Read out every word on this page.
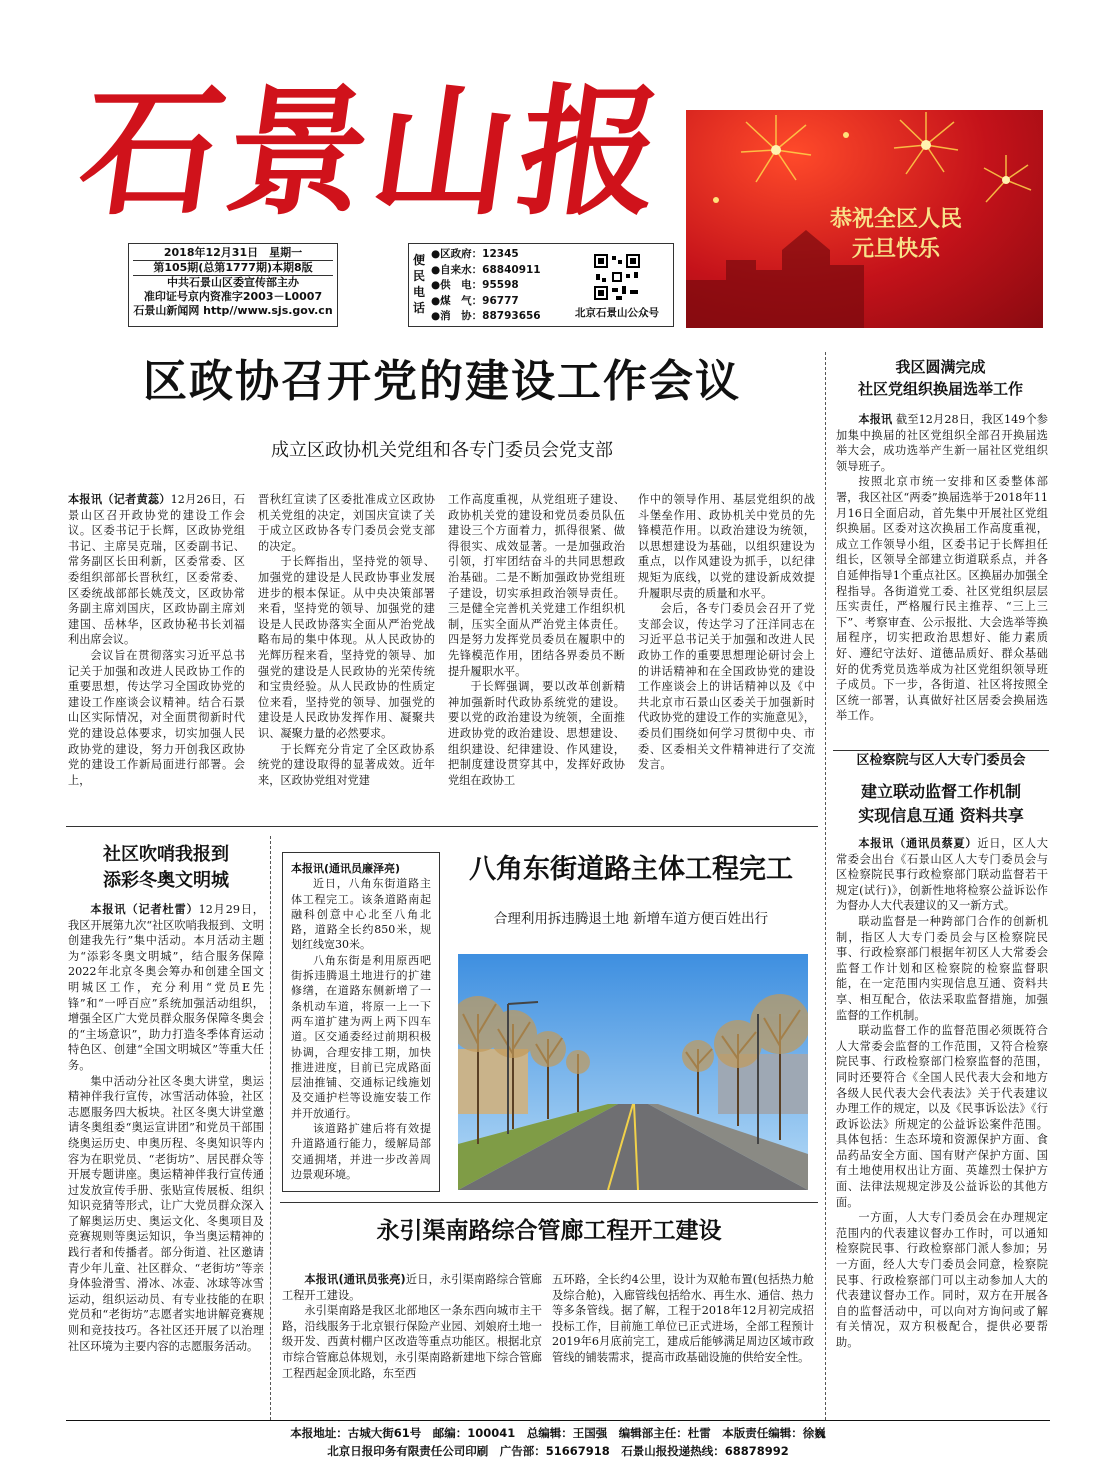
石景山报
2018年12月31日　星期一
第105期(总第1777期)本期8版
中共石景山区委宣传部主办
准印证号京内资准字2003－L0007
石景山新闻网 http//www.sjs.gov.cn
便民电话
●区政府：12345
●自来水：68840911
●供　电：95598
●煤　气：96777
●消　协：88793656	北京石景山公众号
恭祝全区人民
元旦快乐
区政协召开党的建设工作会议
成立区政协机关党组和各专门委员会党支部

本报讯（记者黄蕊）12月26日，石景山区召开政协党的建设工作会议。区委书记于长辉，区政协党组书记、主席吴克瑞，区委副书记、常务副区长田利新，区委常委、区委组织部部长晋秋红，区委常委、区委统战部部长姚茂文，区政协常务副主席刘国庆，区政协副主席刘建国、岳林华，区政协秘书长刘福利出席会议。

会议旨在贯彻落实习近平总书记关于加强和改进人民政协工作的重要思想，传达学习全国政协党的建设工作座谈会议精神。结合石景山区实际情况，对全面贯彻新时代党的建设总体要求，切实加强人民政协党的建设，努力开创我区政协党的建设工作新局面进行部署。会上，

晋秋红宣读了区委批准成立区政协机关党组的决定，刘国庆宣读了关于成立区政协各专门委员会党支部的决定。

于长辉指出，坚持党的领导、加强党的建设是人民政协事业发展进步的根本保证。从中央决策部署来看，坚持党的领导、加强党的建设是人民政协落实全面从严治党战略布局的集中体现。从人民政协的光辉历程来看，坚持党的领导、加强党的建设是人民政协的光荣传统和宝贵经验。从人民政协的性质定位来看，坚持党的领导、加强党的建设是人民政协发挥作用、凝聚共识、凝聚力量的必然要求。

于长辉充分肯定了全区政协系统党的建设取得的显著成效。近年来，区政协党组对党建

工作高度重视，从党组班子建设、政协机关党的建设和党员委员队伍建设三个方面着力，抓得很紧、做得很实、成效显著。一是加强政治引领，打牢团结奋斗的共同思想政治基础。二是不断加强政协党组班子建设，切实承担政治领导责任。三是健全完善机关党建工作组织机制，压实全面从严治党主体责任。四是努力发挥党员委员在履职中的先锋模范作用，团结各界委员不断提升履职水平。

于长辉强调，要以改革创新精神加强新时代政协系统党的建设。要以党的政治建设为统领，全面推进政协党的政治建设、思想建设、组织建设、纪律建设、作风建设，把制度建设贯穿其中，发挥好政协党组在政协工

作中的领导作用、基层党组织的战斗堡垒作用、政协机关中党员的先锋模范作用。以政治建设为统领，以思想建设为基础，以组织建设为重点，以作风建设为抓手，以纪律规矩为底线，以党的建设新成效提升履职尽责的质量和水平。

会后，各专门委员会召开了党支部会议，传达学习了汪洋同志在习近平总书记关于加强和改进人民政协工作的重要思想理论研讨会上的讲话精神和在全国政协党的建设工作座谈会上的讲话精神以及《中共北京市石景山区委关于加强新时代政协党的建设工作的实施意见》，委员们围绕如何学习贯彻中央、市委、区委相关文件精神进行了交流发言。

我区圆满完成
社区党组织换届选举工作

本报讯 截至12月28日，我区149个参加集中换届的社区党组织全部召开换届选举大会，成功选举产生新一届社区党组织领导班子。

按照北京市统一安排和区委整体部署，我区社区“两委”换届选举于2018年11月16日全面启动，首先集中开展社区党组织换届。区委对这次换届工作高度重视，成立工作领导小组，区委书记于长辉担任组长，区领导全部建立街道联系点，并各自延伸指导1个重点社区。区换届办加强全程指导。各街道党工委、社区党组织层层压实责任，严格履行民主推荐、“三上三下”、考察审查、公示报批、大会选举等换届程序，切实把政治思想好、能力素质好、遵纪守法好、道德品质好、群众基础好的优秀党员选举成为社区党组织领导班子成员。下一步，各街道、社区将按照全区统一部署，认真做好社区居委会换届选举工作。

区检察院与区人大专门委员会
建立联动监督工作机制
实现信息互通 资料共享

本报讯（通讯员蔡夏）近日，区人大常委会出台《石景山区人大专门委员会与区检察院民事行政检察部门联动监督若干规定(试行)》，创新性地将检察公益诉讼作为督办人大代表建议的又一新方式。

联动监督是一种跨部门合作的创新机制，指区人大专门委员会与区检察院民事、行政检察部门根据年初区人大常委会监督工作计划和区检察院的检察监督职能，在一定范围内实现信息互通、资料共享、相互配合，依法采取监督措施，加强监督的工作机制。

联动监督工作的监督范围必须既符合人大常委会监督的工作范围，又符合检察院民事、行政检察部门检察监督的范围，同时还要符合《全国人民代表大会和地方各级人民代表大会代表法》关于代表建议办理工作的规定，以及《民事诉讼法》《行政诉讼法》所规定的公益诉讼案件范围。具体包括：生态环境和资源保护方面、食品药品安全方面、国有财产保护方面、国有土地使用权出让方面、英雄烈士保护方面、法律法规规定涉及公益诉讼的其他方面。

一方面，人大专门委员会在办理规定范围内的代表建议督办工作时，可以通知检察院民事、行政检察部门派人参加；另一方面，经人大专门委员会同意，检察院民事、行政检察部门可以主动参加人大的代表建议督办工作。同时，双方在开展各自的监督活动中，可以向对方询问或了解有关情况，双方积极配合，提供必要帮助。

社区吹哨我报到
添彩冬奥文明城

本报讯（记者杜雷）12月29日，我区开展第九次“社区吹哨我报到、文明创建我先行”集中活动。本月活动主题为“添彩冬奥文明城”，结合服务保障2022年北京冬奥会筹办和创建全国文明城区工作，充分利用“党员E先锋”和“一呼百应”系统加强活动组织，增强全区广大党员群众服务保障冬奥会的“主场意识”，助力打造冬季体育运动特色区、创建“全国文明城区”等重大任务。

集中活动分社区冬奥大讲堂，奥运精神伴我行宣传，冰雪活动体验，社区志愿服务四大板块。社区冬奥大讲堂邀请冬奥组委“奥运宣讲团”和党员干部围绕奥运历史、申奥历程、冬奥知识等内容为在职党员、“老街坊”、居民群众等开展专题讲座。奥运精神伴我行宣传通过发放宣传手册、张贴宣传展板、组织知识竞猜等形式，让广大党员群众深入了解奥运历史、奥运文化、冬奥项目及竞赛规则等奥运知识，争当奥运精神的践行者和传播者。部分街道、社区邀请青少年儿童、社区群众、“老街坊”等亲身体验滑雪、滑冰、冰壶、冰球等冰雪运动，组织运动员、有专业技能的在职党员和“老街坊”志愿者实地讲解竞赛规则和竞技技巧。各社区还开展了以治理社区环境为主要内容的志愿服务活动。

本报讯(通讯员廉泽亮)

近日，八角东街道路主体工程完工。该条道路南起融科创意中心北至八角北路，道路全长约850米，规划红线宽30米。

八角东街是利用原西吧街拆违腾退土地进行的扩建修缮，在道路东侧新增了一条机动车道，将原一上一下两车道扩建为两上两下四车道。区交通委经过前期积极协调，合理安排工期，加快推进进度，目前已完成路面层油推铺、交通标记线施划及交通护栏等设施安装工作并开放通行。

该道路扩建后将有效提升道路通行能力，缓解局部交通拥堵，并进一步改善周边景观环境。

八角东街道路主体工程完工
合理利用拆违腾退土地 新增车道方便百姓出行
永引渠南路综合管廊工程开工建设

本报讯(通讯员张亮)近日，永引渠南路综合管廊工程开工建设。

永引渠南路是我区北部地区一条东西向城市主干路，沿线服务于北京银行保险产业园、刘娘府土地一级开发、西黄村棚户区改造等重点功能区。根据北京市综合管廊总体规划，永引渠南路新建地下综合管廊工程西起金顶北路，东至西

五环路，全长约4公里，设计为双舱布置(包括热力舱及综合舱)，入廊管线包括给水、再生水、通信、热力等多条管线。据了解，工程于2018年12月初完成招投标工作，目前施工单位已正式进场，全部工程预计2019年6月底前完工，建成后能够满足周边区域市政管线的铺装需求，提高市政基础设施的供给安全性。

本报地址：古城大街61号　邮编：100041　总编辑：王国强　编辑部主任：杜雷　本版责任编辑：徐巍
北京日报印务有限责任公司印刷　广告部：51667918　石景山报投递热线：68878992
